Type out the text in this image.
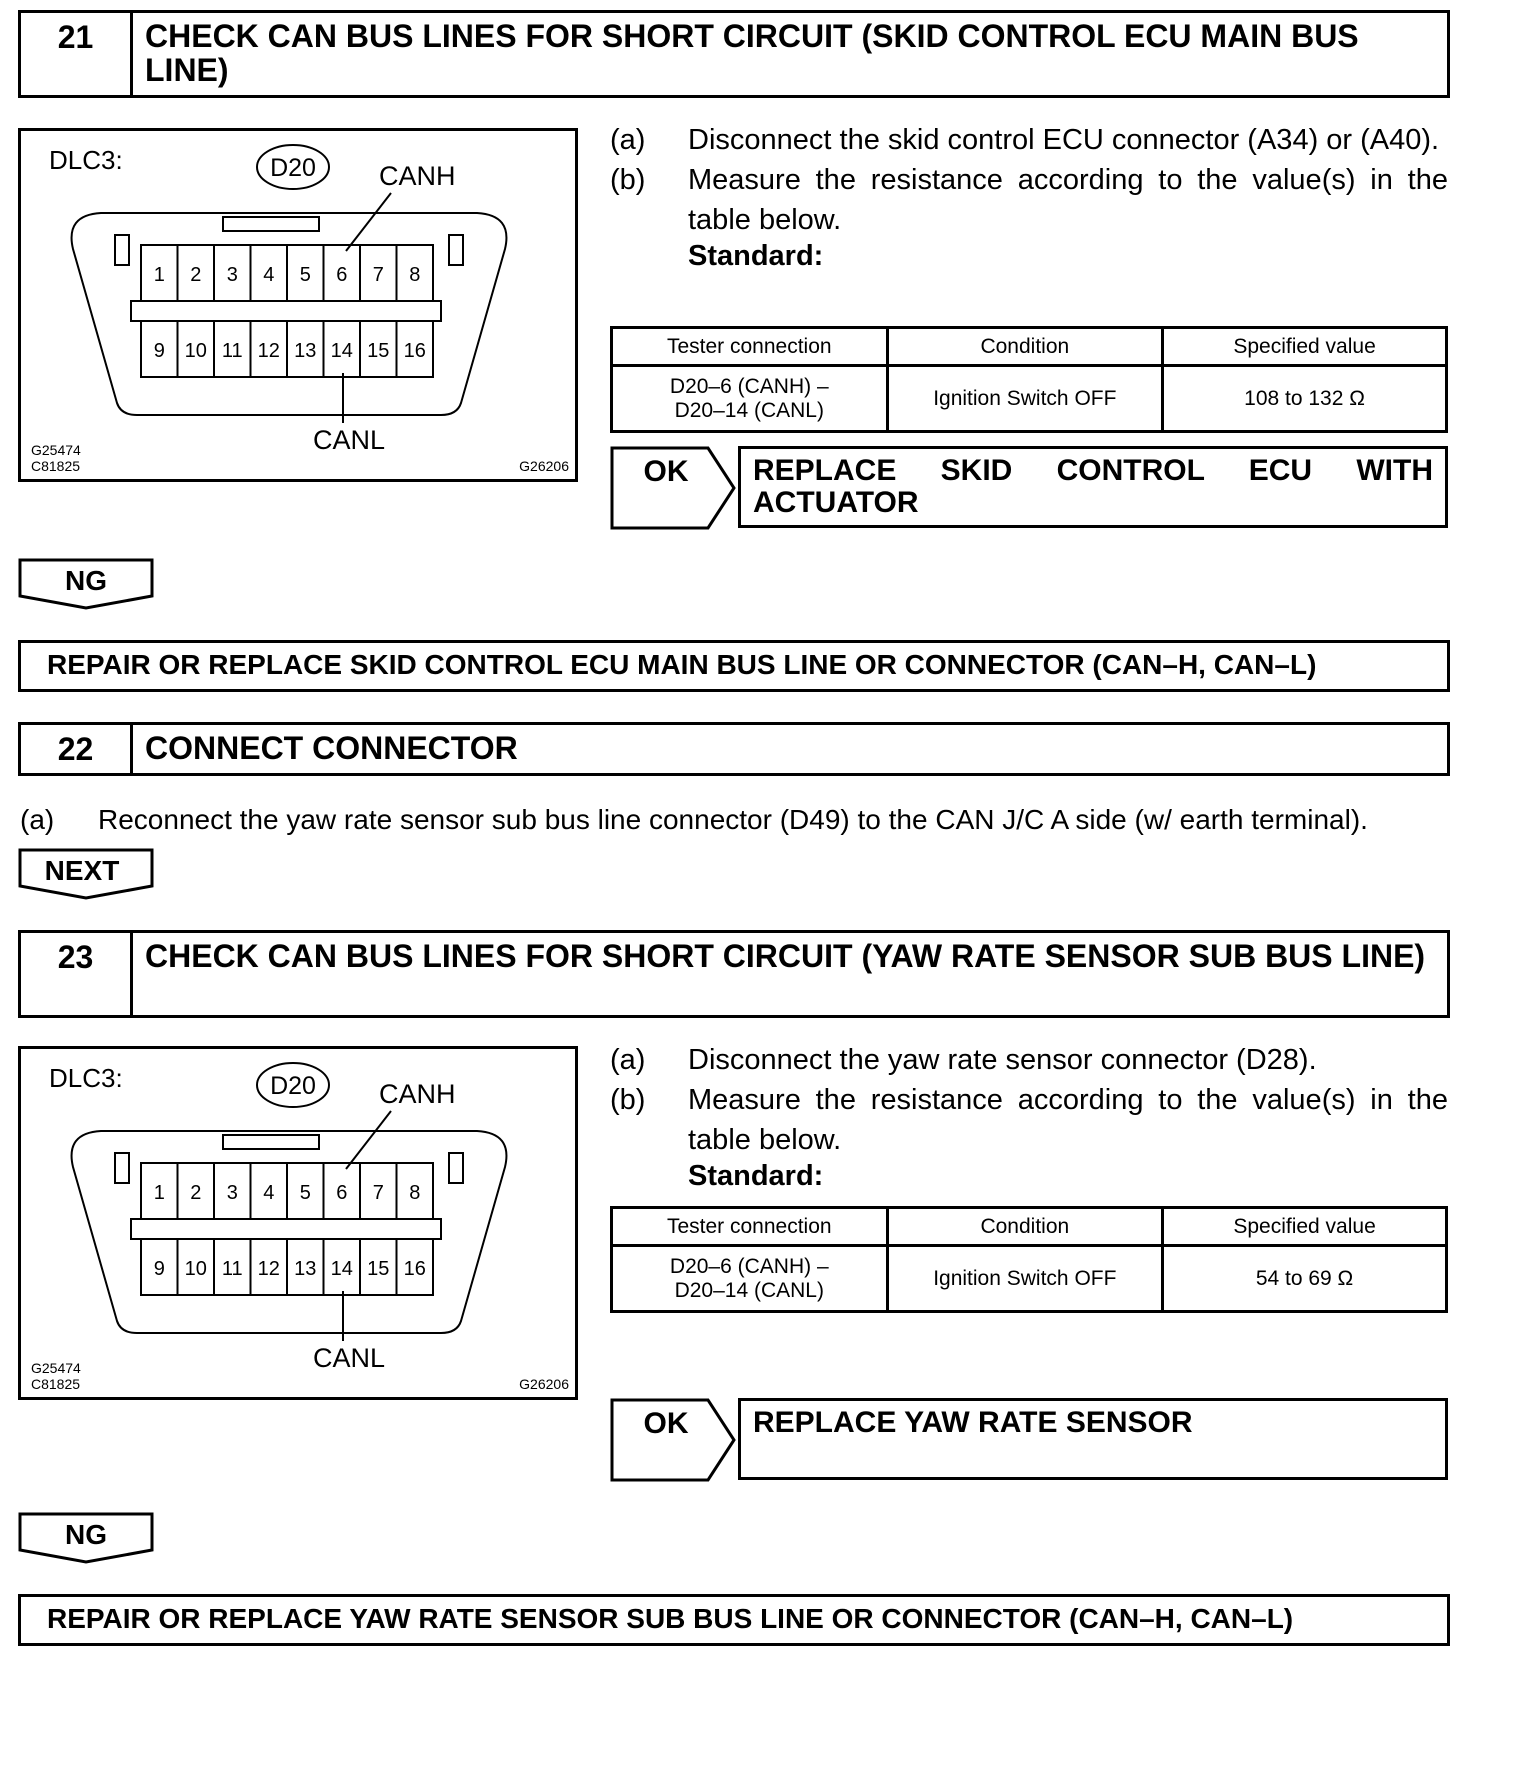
21	CHECK CAN BUS LINES FOR SHORT CIRCUIT (SKID CONTROL ECU MAIN BUS LINE)
DLC3:	D20 CANH
CANL
G25474
C81825	G26206
1 2 3 4 5 6 7 8
9 10 11 12 13 14 15 16
(a)	Disconnect the skid control ECU connector (A34) or (A40).
(b)	Measure the resistance according to the value(s) in the table below.
Standard:
Tester connection	Condition	Specified value

D20–6 (CANH) –
D20–14 (CANL)	Ignition Switch OFF	108 to 132 Ω
OK	REPLACE SKID CONTROL ECU WITH ACTUATOR
NG
REPAIR OR REPLACE SKID CONTROL ECU MAIN BUS LINE OR CONNECTOR (CAN–H, CAN–L)
22	CONNECT CONNECTOR
(a)	Reconnect the yaw rate sensor sub bus line connector (D49) to the CAN J/C A side (w/ earth terminal).
NEXT
23	CHECK CAN BUS LINES FOR SHORT CIRCUIT (YAW RATE SENSOR SUB BUS LINE)
DLC3:	D20 CANH
CANL
G25474
C81825	G26206
1 2 3 4 5 6 7 8
9 10 11 12 13 14 15 16
(a)	Disconnect the yaw rate sensor connector (D28).
(b)	Measure the resistance according to the value(s) in the table below.
Standard:
Tester connection	Condition	Specified value

D20–6 (CANH) –
D20–14 (CANL)	Ignition Switch OFF	54 to 69 Ω
OK	REPLACE YAW RATE SENSOR
NG
REPAIR OR REPLACE YAW RATE SENSOR SUB BUS LINE OR CONNECTOR (CAN–H, CAN–L)
